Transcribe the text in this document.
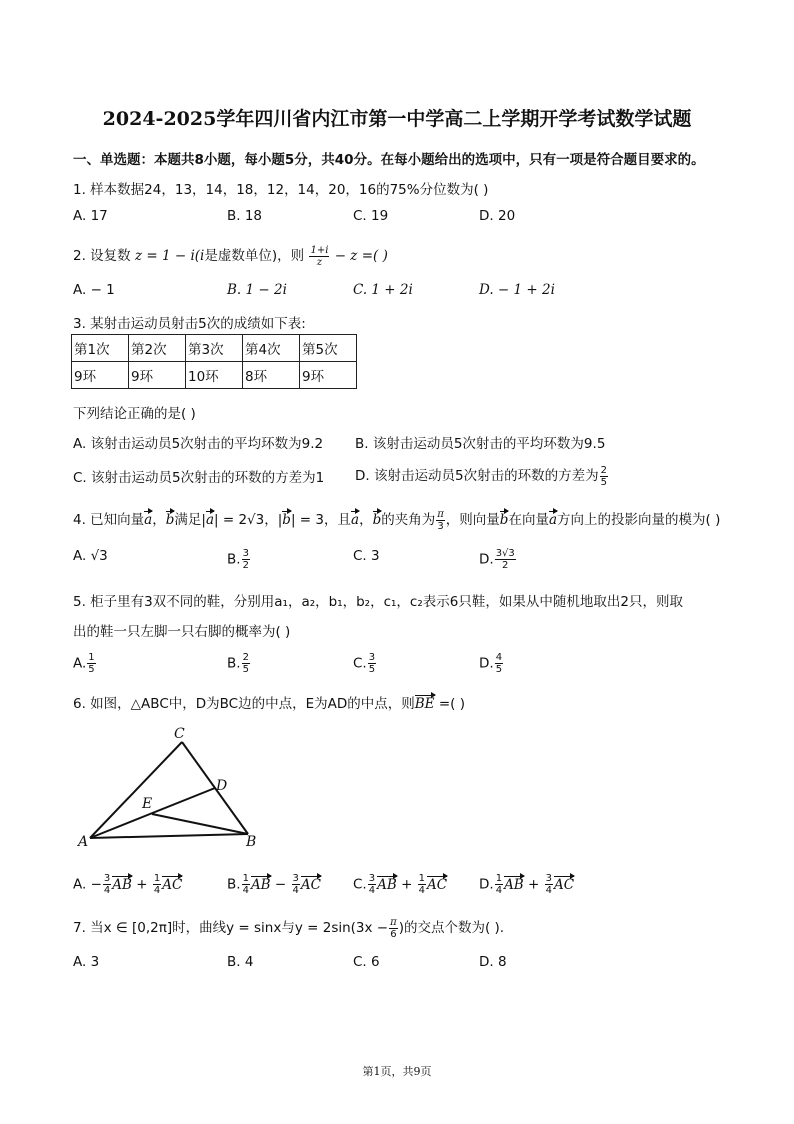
2024-2025学年四川省内江市第一中学高二上学期开学考试数学试题
一、单选题：本题共8小题，每小题5分，共40分。在每小题给出的选项中，只有一项是符合题目要求的。
1. 样本数据24，13，14，18，12，14，20，16的75%分位数为( )
A. 17	B. 18	C. 19	D. 20
2. 设复数 z = 1 − i(i是虚数单位)，则 $\frac{1+i}{z} - z$ =( )
A. − 1	B. 1 − 2i	C. 1 + 2i	D. − 1 + 2i
3. 某射击运动员射击5次的成绩如下表:
第1次	第2次	第3次	第4次	第5次
9环	9环	10环	8环	9环
下列结论正确的是( )
A. 该射击运动员5次射击的平均环数为9.2 B. 该射击运动员5次射击的平均环数为9.5
C. 该射击运动员5次射击的环数的方差为1 D. 该射击运动员5次射击的环数的方差为 $\frac{2}{5}$
4. 已知向量a，b满足|a| = 2√3，|b| = 3，且a，b的夹角为 $\frac{\pi}{3}$ ，则向量b在向量a方向上的投影向量的模为( )
A. √3	B. $\frac{3}{2}$	C. 3	D. $\frac{3√3}{2}$
5. 柜子里有3双不同的鞋，分别用a₁，a₂，b₁，b₂，c₁，c₂表示6只鞋，如果从中随机地取出2只，则取
出的鞋一只左脚一只右脚的概率为( )
A. $\frac{1}{5}$	B. $\frac{2}{5}$	C. $\frac{3}{5}$	D. $\frac{4}{5}$
6. 如图，△ABC中，D为BC边的中点，E为AD的中点，则BE =( )
C
D
E
A	B
A. − $\frac{3}{4}$ AB + $\frac{1}{4}$ AC	B. $\frac{1}{4}$ AB − $\frac{3}{4}$ AC C. $\frac{3}{4}$ AB + $\frac{1}{4}$ AC D. $\frac{1}{4}$ AB + $\frac{3}{4}$ AC
7. 当x ∈ [0,2π]时，曲线y = sinx与$y = 2\sin(3x - \frac{\pi}{6}$ )的交点个数为( ).
A. 3	B. 4	C. 6	D. 8
第1页，共9页
